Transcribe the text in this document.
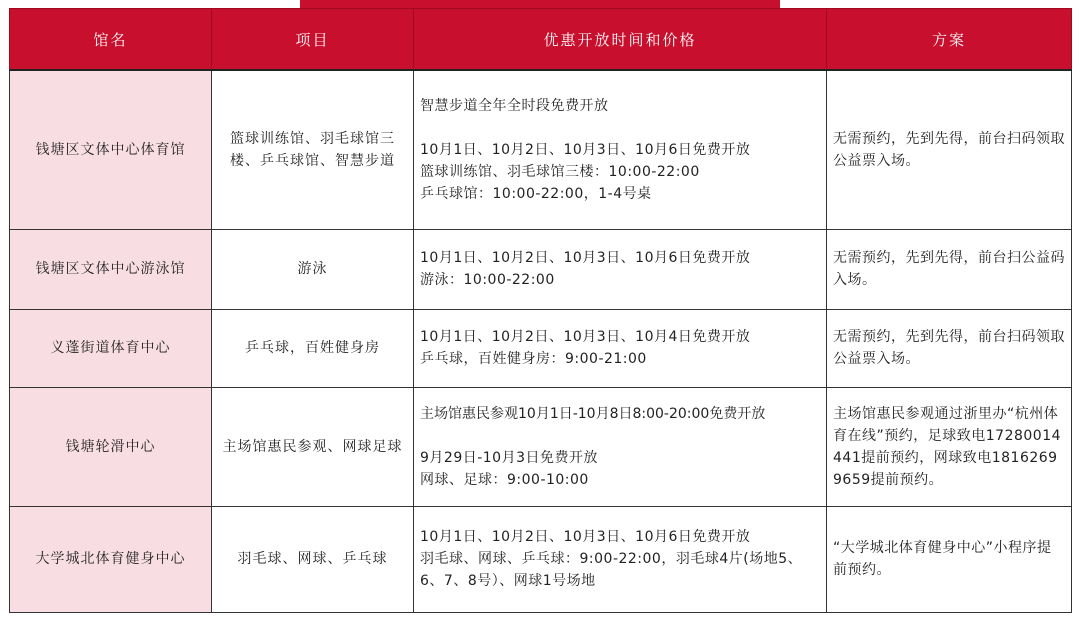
馆名	项目	优惠开放时间和价格	方案
钱塘区文体中心体育馆	篮球训练馆、羽毛球馆三楼、乒乓球馆、智慧步道	智慧步道全年全时段免费开放
10月1日、10月2日、10月3日、10月6日免费开放
篮球训练馆、羽毛球馆三楼：10:00-22:00
乒乓球馆：10:00-22:00，1-4号桌	无需预约，先到先得，前台扫码领取公益票入场。

钱塘区文体中心游泳馆	游泳	10月1日、10月2日、10月3日、10月6日免费开放
游泳：10:00-22:00	无需预约，先到先得，前台扫公益码入场。

义蓬街道体育中心	乒乓球，百姓健身房	10月1日、10月2日、10月3日、10月4日免费开放
乒乓球，百姓健身房：9:00-21:00	无需预约，先到先得，前台扫码领取公益票入场。

钱塘轮滑中心	主场馆惠民参观、网球足球	主场馆惠民参观10月1日-10月8日8:00-20:00免费开放
9月29日-10月3日免费开放
网球、足球：9:00-10:00	主场馆惠民参观通过浙里办“杭州体育在线”预约，足球致电17280014441提前预约，网球致电18162699659提前预约。

大学城北体育健身中心	羽毛球、网球、乒乓球	10月1日、10月2日、10月3日、10月6日免费开放
羽毛球、网球、乒乓球：9:00-22:00，羽毛球4片(场地5、6、7、8号）、网球1号场地	“大学城北体育健身中心”小程序提前预约。
